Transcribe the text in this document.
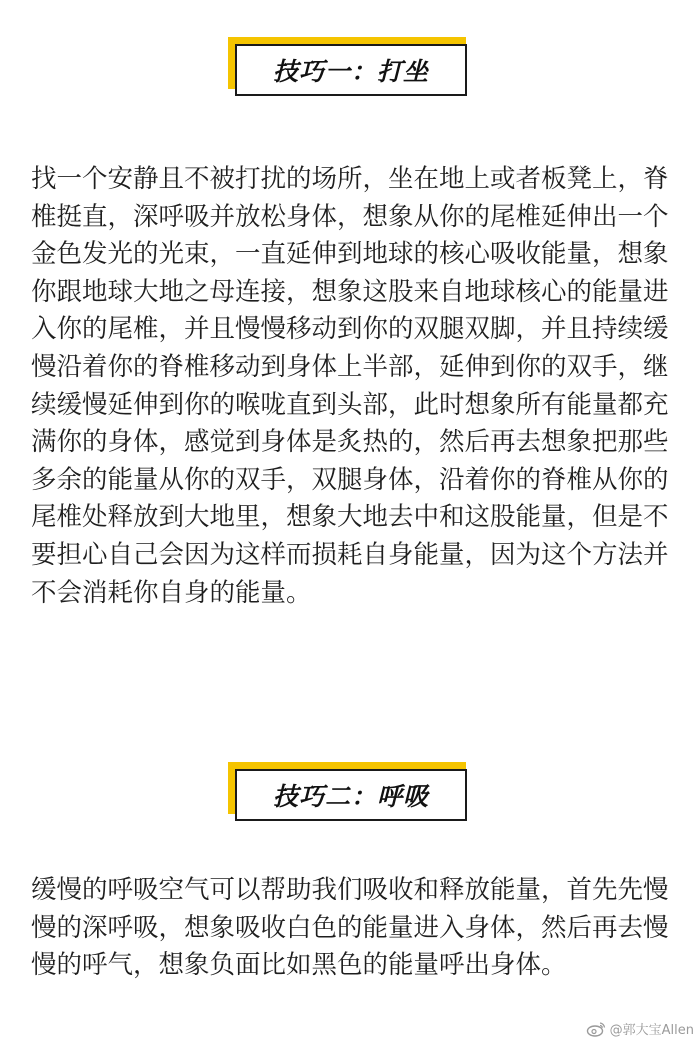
技巧一：打坐

找一个安静且不被打扰的场所，坐在地上或者板凳上，脊椎挺直，深呼吸并放松身体，想象从你的尾椎延伸出一个金色发光的光束，一直延伸到地球的核心吸收能量，想象你跟地球大地之母连接，想象这股来自地球核心的能量进入你的尾椎，并且慢慢移动到你的双腿双脚，并且持续缓慢沿着你的脊椎移动到身体上半部，延伸到你的双手，继续缓慢延伸到你的喉咙直到头部，此时想象所有能量都充满你的身体，感觉到身体是炙热的，然后再去想象把那些多余的能量从你的双手，双腿身体，沿着你的脊椎从你的尾椎处释放到大地里，想象大地去中和这股能量，但是不要担心自己会因为这样而损耗自身能量，因为这个方法并不会消耗你自身的能量。

技巧二：呼吸

缓慢的呼吸空气可以帮助我们吸收和释放能量，首先先慢慢的深呼吸，想象吸收白色的能量进入身体，然后再去慢慢的呼气，想象负面比如黑色的能量呼出身体。

@郭大宝Allen
